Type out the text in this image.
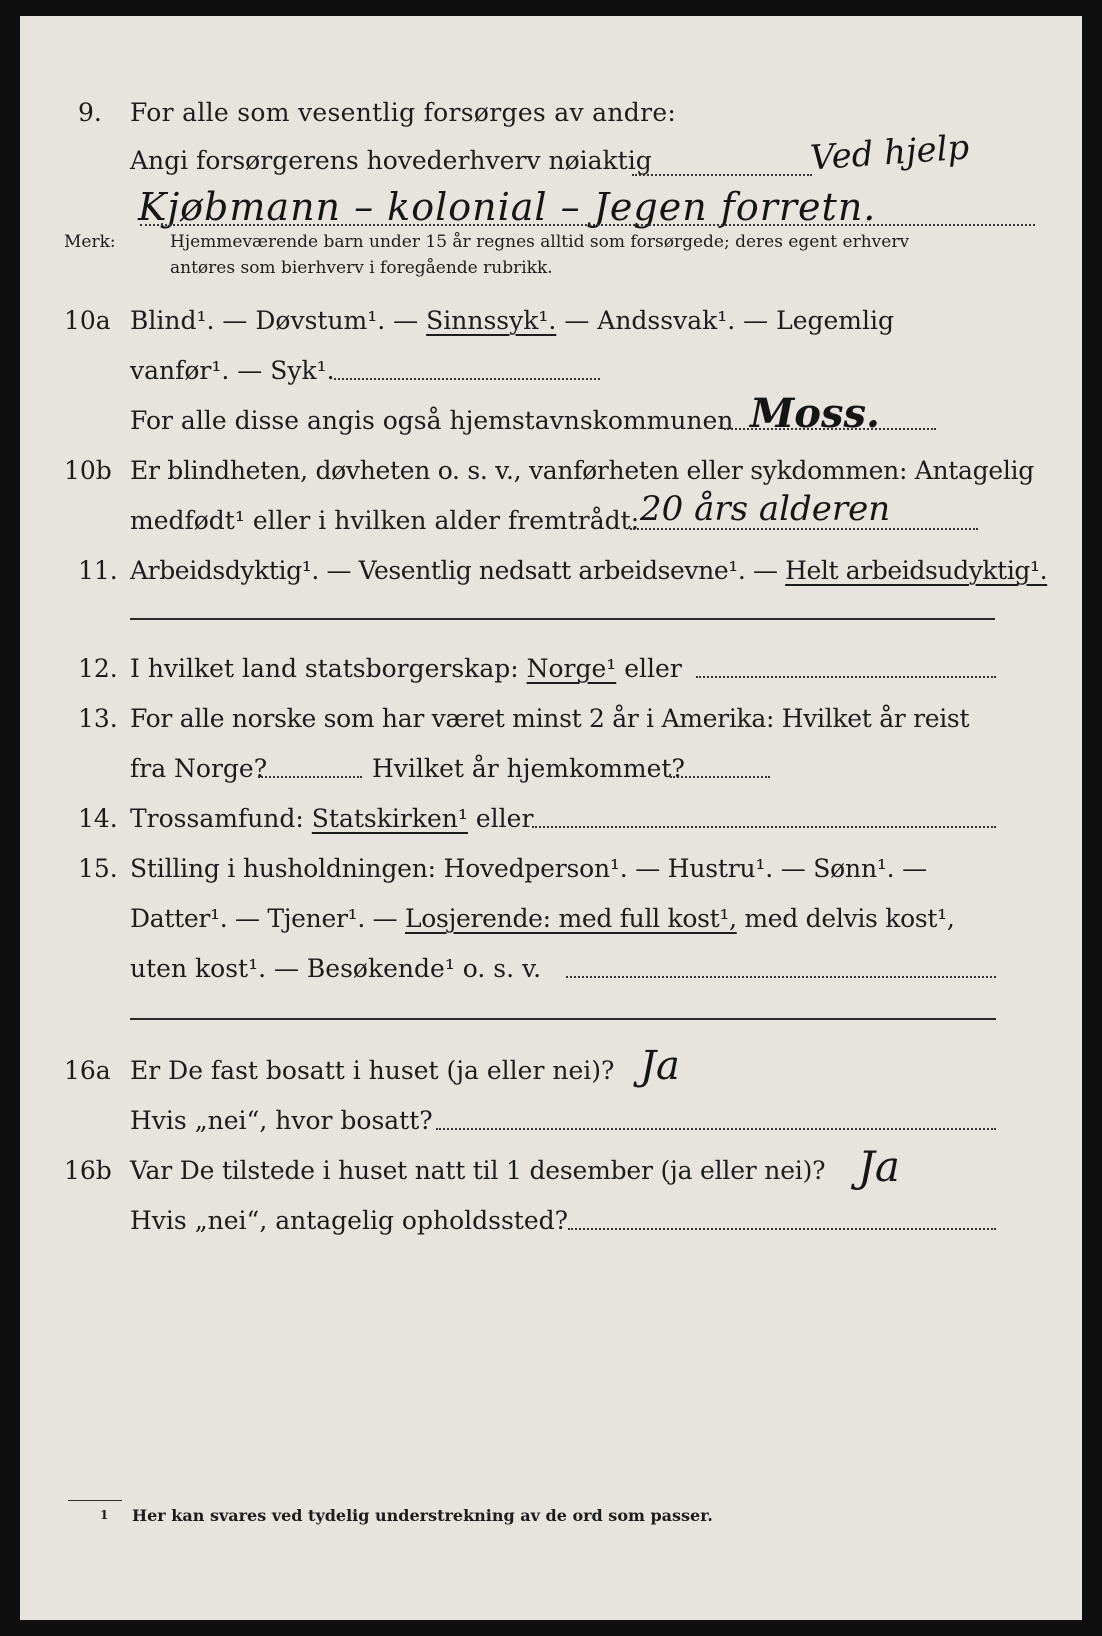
9. For alle som vesentlig forsørges av andre:
Angi forsørgerens hovederhverv nøiaktig	Ved hjelp
Kjøbmann – kolonial – Jegen forretn.
Merk:	Hjemmeværende barn under 15 år regnes alltid som forsørgede; deres egent erhverv
antøres som bierhverv i foregående rubrikk.
10a Blind¹. — Døvstum¹. — Sinnssyk¹. — Andssvak¹. — Legemlig
vanfør¹. — Syk¹.
For alle disse angis også hjemstavnskommunen Moss.
10b Er blindheten, døvheten o. s. v., vanførheten eller sykdommen: Antagelig
medfødt¹ eller i hvilken alder fremtrådt: 20 års alderen
11. Arbeidsdyktig¹. — Vesentlig nedsatt arbeidsevne¹. — Helt arbeidsudyktig¹.
12. I hvilket land statsborgerskap: Norge¹ eller
13. For alle norske som har været minst 2 år i Amerika: Hvilket år reist
fra Norge?	Hvilket år hjemkommet?
14. Trossamfund: Statskirken¹ eller
15. Stilling i husholdningen: Hovedperson¹. — Hustru¹. — Sønn¹. —
Datter¹. — Tjener¹. — Losjerende: med full kost¹, med delvis kost¹,
uten kost¹. — Besøkende¹ o. s. v.
16a Er De fast bosatt i huset (ja eller nei)? Ja
Hvis „nei“, hvor bosatt?
16b Var De tilstede i huset natt til 1 desember (ja eller nei)? Ja
Hvis „nei“, antagelig opholdssted?
1 Her kan svares ved tydelig understrekning av de ord som passer.
